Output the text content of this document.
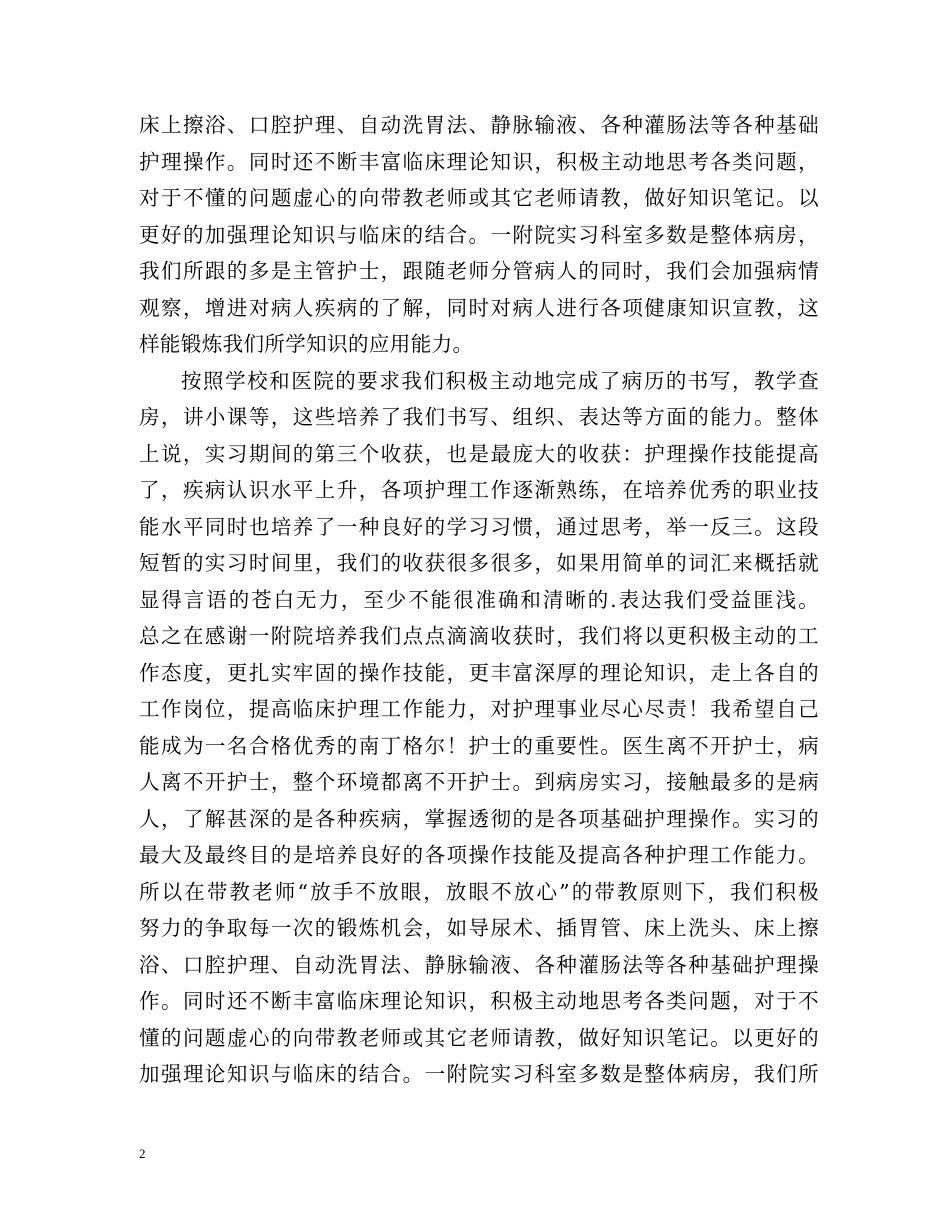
床上擦浴、口腔护理、自动洗胃法、静脉输液、各种灌肠法等各种基础
护理操作。同时还不断丰富临床理论知识，积极主动地思考各类问题，
对于不懂的问题虚心的向带教老师或其它老师请教，做好知识笔记。以
更好的加强理论知识与临床的结合。一附院实习科室多数是整体病房，
我们所跟的多是主管护士，跟随老师分管病人的同时，我们会加强病情
观察，增进对病人疾病的了解，同时对病人进行各项健康知识宣教，这
样能锻炼我们所学知识的应用能力。
按照学校和医院的要求我们积极主动地完成了病历的书写，教学查
房，讲小课等，这些培养了我们书写、组织、表达等方面的能力。整体
上说，实习期间的第三个收获，也是最庞大的收获：护理操作技能提高
了，疾病认识水平上升，各项护理工作逐渐熟练，在培养优秀的职业技
能水平同时也培养了一种良好的学习习惯，通过思考，举一反三。这段
短暂的实习时间里，我们的收获很多很多，如果用简单的词汇来概括就
显得言语的苍白无力，至少不能很准确和清晰的.表达我们受益匪浅。
总之在感谢一附院培养我们点点滴滴收获时，我们将以更积极主动的工
作态度，更扎实牢固的操作技能，更丰富深厚的理论知识，走上各自的
工作岗位，提高临床护理工作能力，对护理事业尽心尽责！我希望自己
能成为一名合格优秀的南丁格尔！护士的重要性。医生离不开护士，病
人离不开护士，整个环境都离不开护士。到病房实习，接触最多的是病
人，了解甚深的是各种疾病，掌握透彻的是各项基础护理操作。实习的
最大及最终目的是培养良好的各项操作技能及提高各种护理工作能力。
所以在带教老师“放手不放眼，放眼不放心”的带教原则下，我们积极
努力的争取每一次的锻炼机会，如导尿术、插胃管、床上洗头、床上擦
浴、口腔护理、自动洗胃法、静脉输液、各种灌肠法等各种基础护理操
作。同时还不断丰富临床理论知识，积极主动地思考各类问题，对于不
懂的问题虚心的向带教老师或其它老师请教，做好知识笔记。以更好的
加强理论知识与临床的结合。一附院实习科室多数是整体病房，我们所
2
